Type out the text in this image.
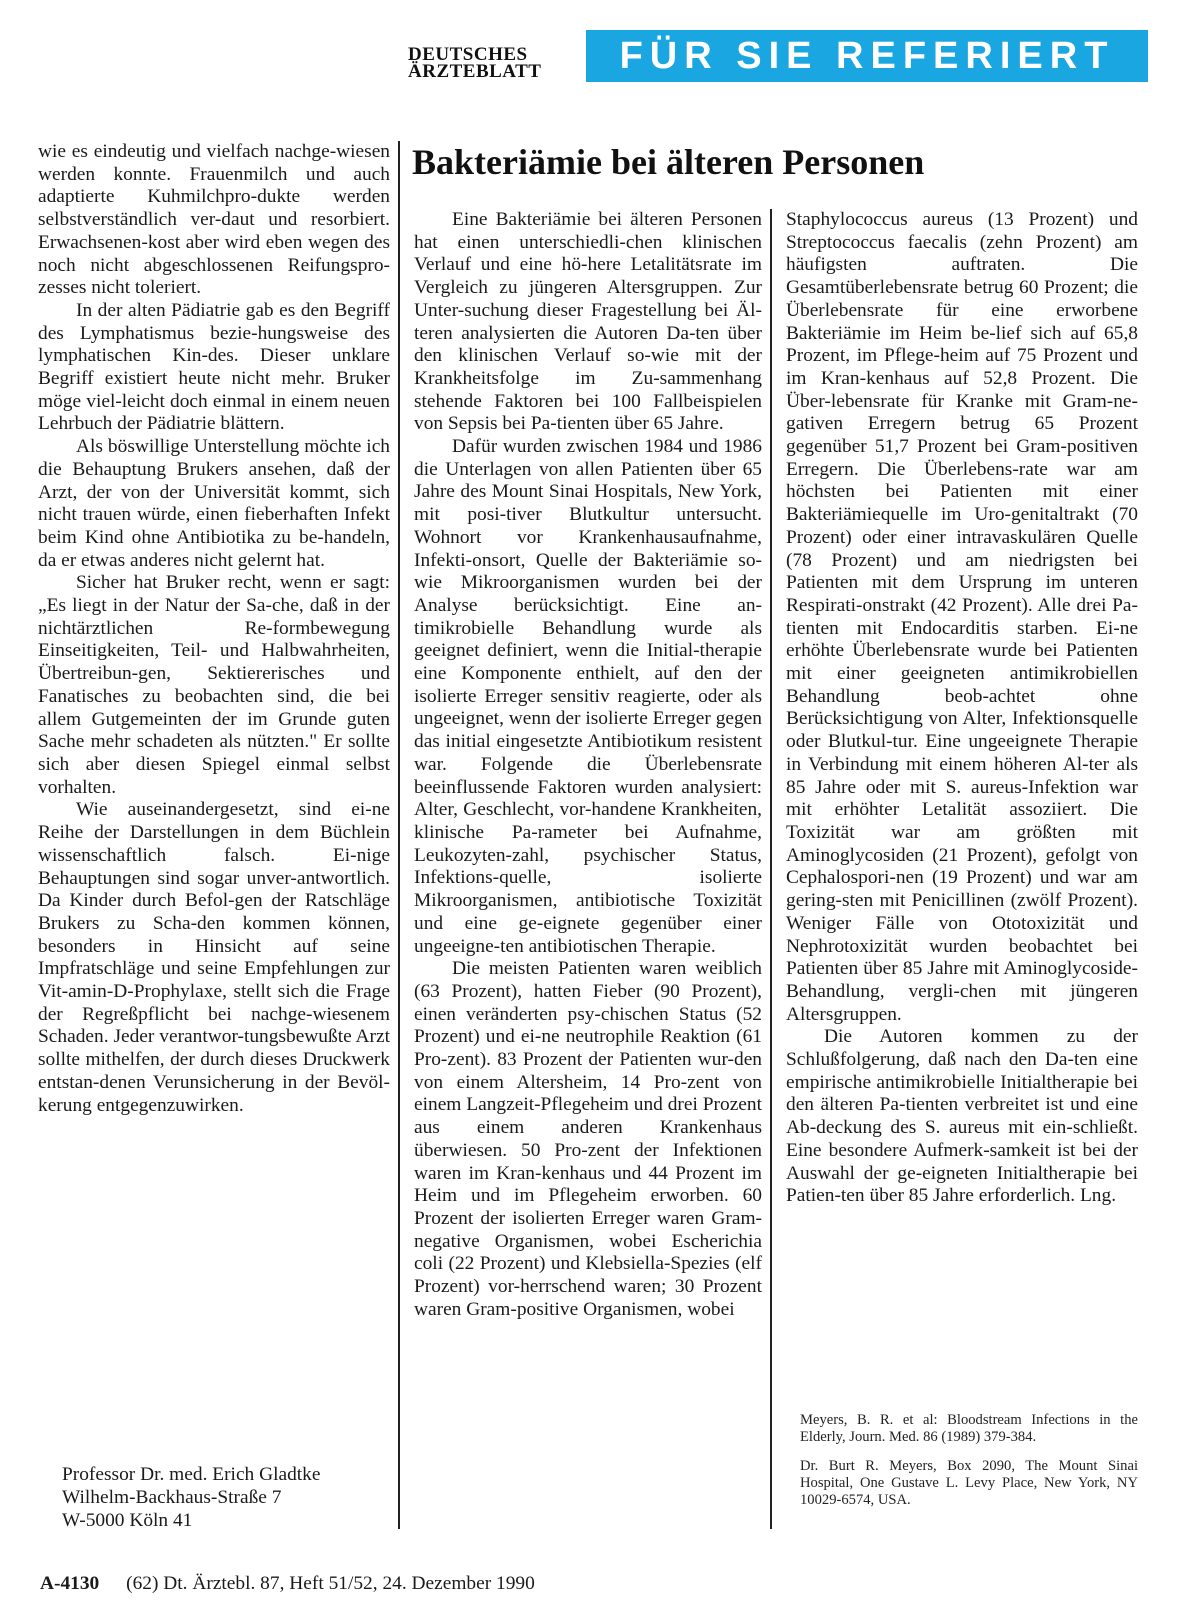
DEUTSCHES
ÄRZTEBLATT	FÜR SIE REFERIERT

wie es eindeutig und vielfach nachge-wiesen werden konnte. Frauenmilch und auch adaptierte Kuhmilchpro-dukte werden selbstverständlich ver-daut und resorbiert. Erwachsenen-kost aber wird eben wegen des noch nicht abgeschlossenen Reifungspro-zesses nicht toleriert.

In der alten Pädiatrie gab es den Begriff des Lymphatismus bezie-hungsweise des lymphatischen Kin-des. Dieser unklare Begriff existiert heute nicht mehr. Bruker möge viel-leicht doch einmal in einem neuen Lehrbuch der Pädiatrie blättern.

Als böswillige Unterstellung möchte ich die Behauptung Brukers ansehen, daß der Arzt, der von der Universität kommt, sich nicht trauen würde, einen fieberhaften Infekt beim Kind ohne Antibiotika zu be-handeln, da er etwas anderes nicht gelernt hat.

Sicher hat Bruker recht, wenn er sagt: „Es liegt in der Natur der Sa-che, daß in der nichtärztlichen Re-formbewegung Einseitigkeiten, Teil- und Halbwahrheiten, Übertreibun-gen, Sektiererisches und Fanatisches zu beobachten sind, die bei allem Gutgemeinten der im Grunde guten Sache mehr schadeten als nützten." Er sollte sich aber diesen Spiegel einmal selbst vorhalten.

Wie auseinandergesetzt, sind ei-ne Reihe der Darstellungen in dem Büchlein wissenschaftlich falsch. Ei-nige Behauptungen sind sogar unver-antwortlich. Da Kinder durch Befol-gen der Ratschläge Brukers zu Scha-den kommen können, besonders in Hinsicht auf seine Impfratschläge und seine Empfehlungen zur Vit-amin-D-Prophylaxe, stellt sich die Frage der Regreßpflicht bei nachge-wiesenem Schaden. Jeder verantwor-tungsbewußte Arzt sollte mithelfen, der durch dieses Druckwerk entstan-denen Verunsicherung in der Bevöl-kerung entgegenzuwirken.

Professor Dr. med. Erich Gladtke
Wilhelm-Backhaus-Straße 7
W-5000 Köln 41
Bakteriämie bei älteren Personen

Eine Bakteriämie bei älteren Personen hat einen unterschiedli-chen klinischen Verlauf und eine hö-here Letalitätsrate im Vergleich zu jüngeren Altersgruppen. Zur Unter-suchung dieser Fragestellung bei Äl-teren analysierten die Autoren Da-ten über den klinischen Verlauf so-wie mit der Krankheitsfolge im Zu-sammenhang stehende Faktoren bei 100 Fallbeispielen von Sepsis bei Pa-tienten über 65 Jahre.

Dafür wurden zwischen 1984 und 1986 die Unterlagen von allen Patienten über 65 Jahre des Mount Sinai Hospitals, New York, mit posi-tiver Blutkultur untersucht. Wohnort vor Krankenhausaufnahme, Infekti-onsort, Quelle der Bakteriämie so-wie Mikroorganismen wurden bei der Analyse berücksichtigt. Eine an-timikrobielle Behandlung wurde als geeignet definiert, wenn die Initial-therapie eine Komponente enthielt, auf den der isolierte Erreger sensitiv reagierte, oder als ungeeignet, wenn der isolierte Erreger gegen das initial eingesetzte Antibiotikum resistent war. Folgende die Überlebensrate beeinflussende Faktoren wurden analysiert: Alter, Geschlecht, vor-handene Krankheiten, klinische Pa-rameter bei Aufnahme, Leukozyten-zahl, psychischer Status, Infektions-quelle, isolierte Mikroorganismen, antibiotische Toxizität und eine ge-eignete gegenüber einer ungeeigne-ten antibiotischen Therapie.

Die meisten Patienten waren weiblich (63 Prozent), hatten Fieber (90 Prozent), einen veränderten psy-chischen Status (52 Prozent) und ei-ne neutrophile Reaktion (61 Pro-zent). 83 Prozent der Patienten wur-den von einem Altersheim, 14 Pro-zent von einem Langzeit-Pflegeheim und drei Prozent aus einem anderen Krankenhaus überwiesen. 50 Pro-zent der Infektionen waren im Kran-kenhaus und 44 Prozent im Heim und im Pflegeheim erworben. 60 Prozent der isolierten Erreger waren Gram-negative Organismen, wobei Escherichia coli (22 Prozent) und Klebsiella-Spezies (elf Prozent) vor-herrschend waren; 30 Prozent waren Gram-positive Organismen, wobei

Staphylococcus aureus (13 Prozent) und Streptococcus faecalis (zehn Prozent) am häufigsten auftraten. Die Gesamtüberlebensrate betrug 60 Prozent; die Überlebensrate für eine erworbene Bakteriämie im Heim be-lief sich auf 65,8 Prozent, im Pflege-heim auf 75 Prozent und im Kran-kenhaus auf 52,8 Prozent. Die Über-lebensrate für Kranke mit Gram-ne-gativen Erregern betrug 65 Prozent gegenüber 51,7 Prozent bei Gram-positiven Erregern. Die Überlebens-rate war am höchsten bei Patienten mit einer Bakteriämiequelle im Uro-genitaltrakt (70 Prozent) oder einer intravaskulären Quelle (78 Prozent) und am niedrigsten bei Patienten mit dem Ursprung im unteren Respirati-onstrakt (42 Prozent). Alle drei Pa-tienten mit Endocarditis starben. Ei-ne erhöhte Überlebensrate wurde bei Patienten mit einer geeigneten antimikrobiellen Behandlung beob-achtet ohne Berücksichtigung von Alter, Infektionsquelle oder Blutkul-tur. Eine ungeeignete Therapie in Verbindung mit einem höheren Al-ter als 85 Jahre oder mit S. aureus-Infektion war mit erhöhter Letalität assoziiert. Die Toxizität war am größten mit Aminoglycosiden (21 Prozent), gefolgt von Cephalospori-nen (19 Prozent) und war am gering-sten mit Penicillinen (zwölf Prozent). Weniger Fälle von Ototoxizität und Nephrotoxizität wurden beobachtet bei Patienten über 85 Jahre mit Aminoglycoside-Behandlung, vergli-chen mit jüngeren Altersgruppen.

Die Autoren kommen zu der Schlußfolgerung, daß nach den Da-ten eine empirische antimikrobielle Initialtherapie bei den älteren Pa-tienten verbreitet ist und eine Ab-deckung des S. aureus mit ein-schließt. Eine besondere Aufmerk-samkeit ist bei der Auswahl der ge-eigneten Initialtherapie bei Patien-ten über 85 Jahre erforderlich. Lng.

Meyers, B. R. et al: Bloodstream Infections in the Elderly, Journ. Med. 86 (1989) 379-384.

Dr. Burt R. Meyers, Box 2090, The Mount Sinai Hospital, One Gustave L. Levy Place, New York, NY 10029-6574, USA.

A-4130 (62) Dt. Ärztebl. 87, Heft 51/52, 24. Dezember 1990
